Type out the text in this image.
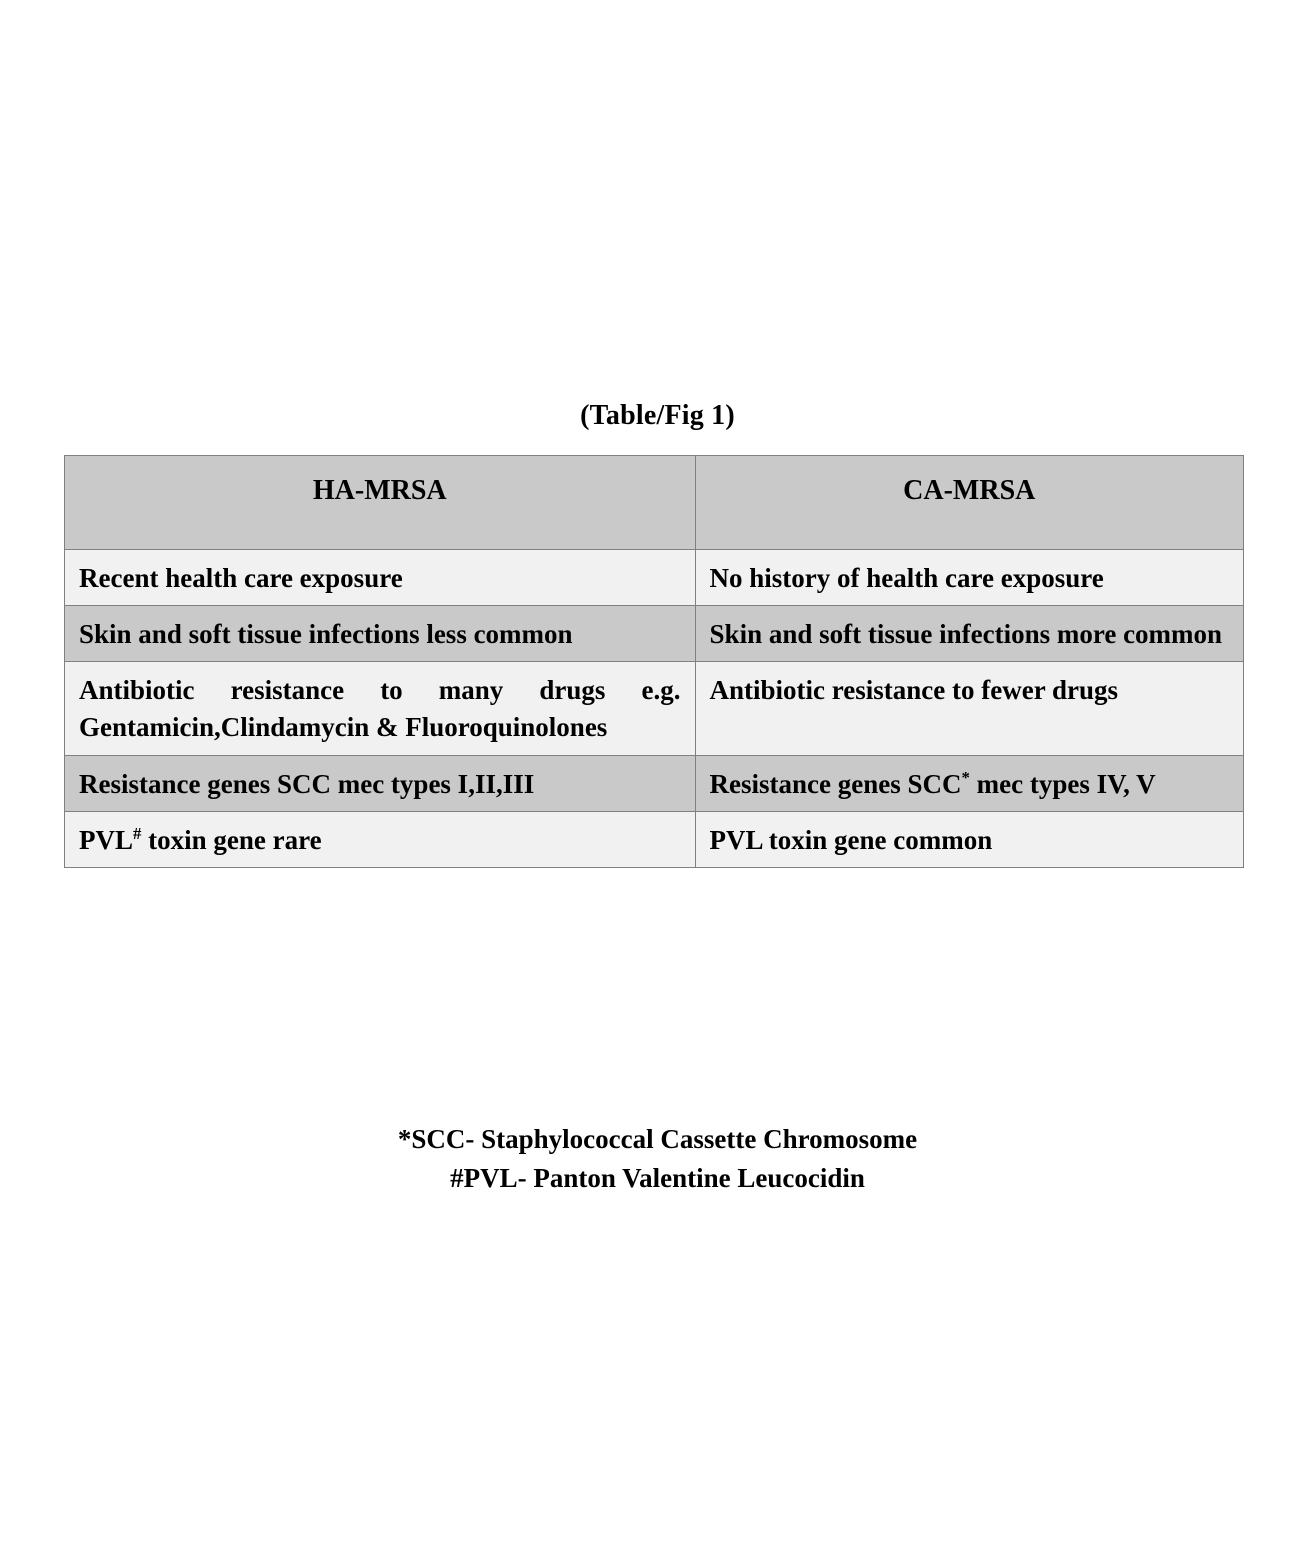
(Table/Fig 1)
HA-MRSA	CA-MRSA
Recent health care exposure	No history of health care exposure
Skin and soft tissue infections less common	Skin and soft tissue infections more common
Antibiotic resistance to many drugs e.g. Gentamicin,Clindamycin & Fluoroquinolones	Antibiotic resistance to fewer drugs
Resistance genes SCC mec types I,II,III	Resistance genes SCC* mec types IV, V
PVL# toxin gene rare	PVL toxin gene common
*SCC- Staphylococcal Cassette Chromosome
#PVL- Panton Valentine Leucocidin
